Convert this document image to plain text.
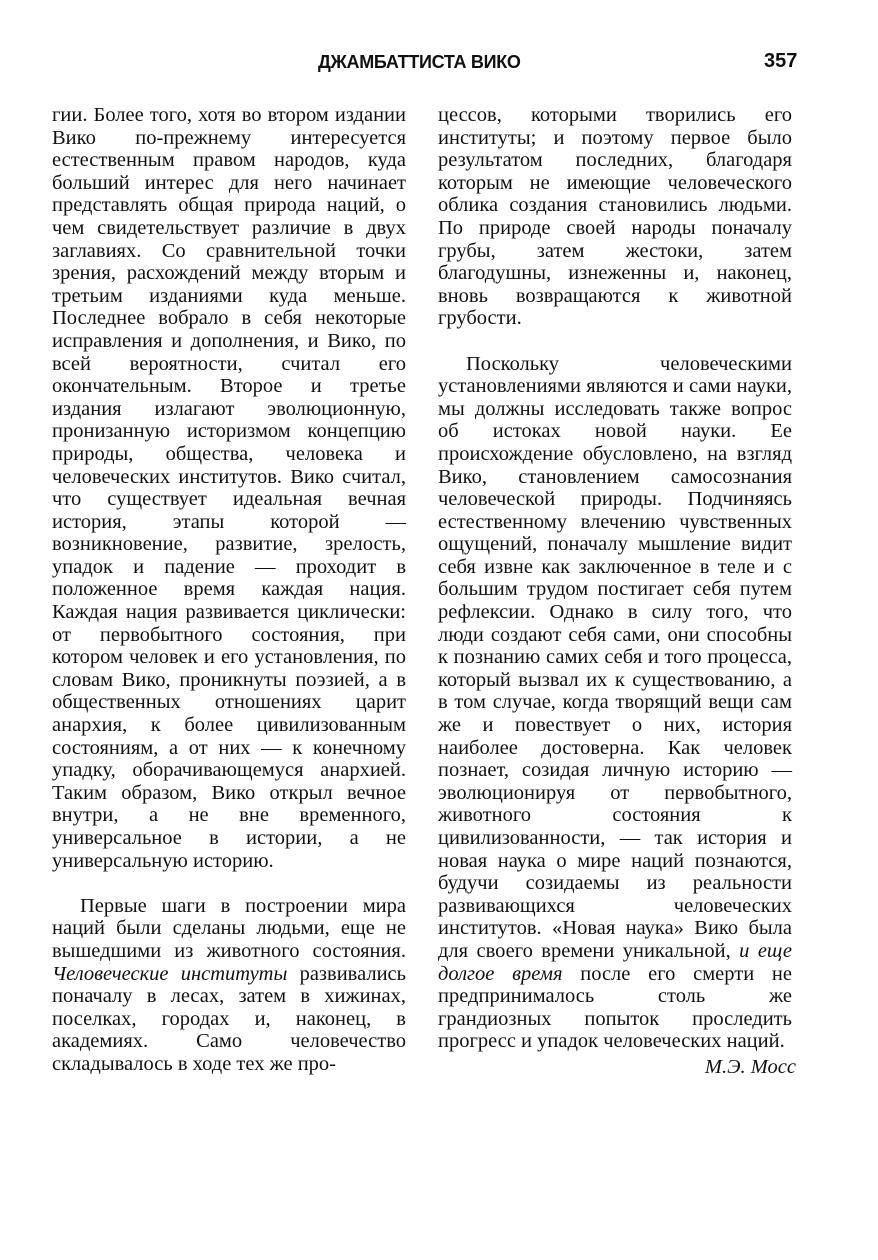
ДЖАМБАТТИСТА ВИКО	357

гии. Более того, хотя во втором издании Вико по-прежнему интересуется естественным правом народов, куда больший интерес для него начинает представлять общая природа наций, о чем свидетельствует различие в двух заглавиях. Со сравнительной точки зрения, расхождений между вторым и третьим изданиями куда меньше. Последнее вобрало в себя некоторые исправления и дополнения, и Вико, по всей вероятности, считал его окончательным. Второе и третье издания излагают эволюционную, пронизанную историзмом концепцию природы, общества, человека и человеческих институтов. Вико считал, что существует идеальная вечная история, этапы которой — возникновение, развитие, зрелость, упадок и падение — проходит в положенное время каждая нация. Каждая нация развивается циклически: от первобытного состояния, при котором человек и его установления, по словам Вико, проникнуты поэзией, а в общественных отношениях царит анархия, к более цивилизованным состояниям, а от них — к конечному упадку, оборачивающемуся анархией. Таким образом, Вико открыл вечное внутри, а не вне временного, универсальное в истории, а не универсальную историю.

Первые шаги в построении мира наций были сделаны людьми, еще не вышедшими из животного состояния. Человеческие институты развивались поначалу в лесах, затем в хижинах, поселках, городах и, наконец, в академиях. Само человечество складывалось в ходе тех же про-

цессов, которыми творились его институты; и поэтому первое было результатом последних, благодаря которым не имеющие человеческого облика создания становились людьми. По природе своей народы поначалу грубы, затем жестоки, затем благодушны, изнеженны и, наконец, вновь возвращаются к животной грубости.

Поскольку человеческими установлениями являются и сами науки, мы должны исследовать также вопрос об истоках новой науки. Ее происхождение обусловлено, на взгляд Вико, становлением самосознания человеческой природы. Подчиняясь естественному влечению чувственных ощущений, поначалу мышление видит себя извне как заключенное в теле и с большим трудом постигает себя путем рефлексии. Однако в силу того, что люди создают себя сами, они способны к познанию самих себя и того процесса, который вызвал их к существованию, а в том случае, когда творящий вещи сам же и повествует о них, история наиболее достоверна. Как человек познает, созидая личную историю — эволюционируя от первобытного, животного состояния к цивилизованности, — так история и новая наука о мире наций познаются, будучи созидаемы из реальности развивающихся человеческих институтов. «Новая наука» Вико была для своего времени уникальной, и еще долгое время после его смерти не предпринималось столь же грандиозных попыток проследить прогресс и упадок человеческих наций.

М.Э. Мосс
